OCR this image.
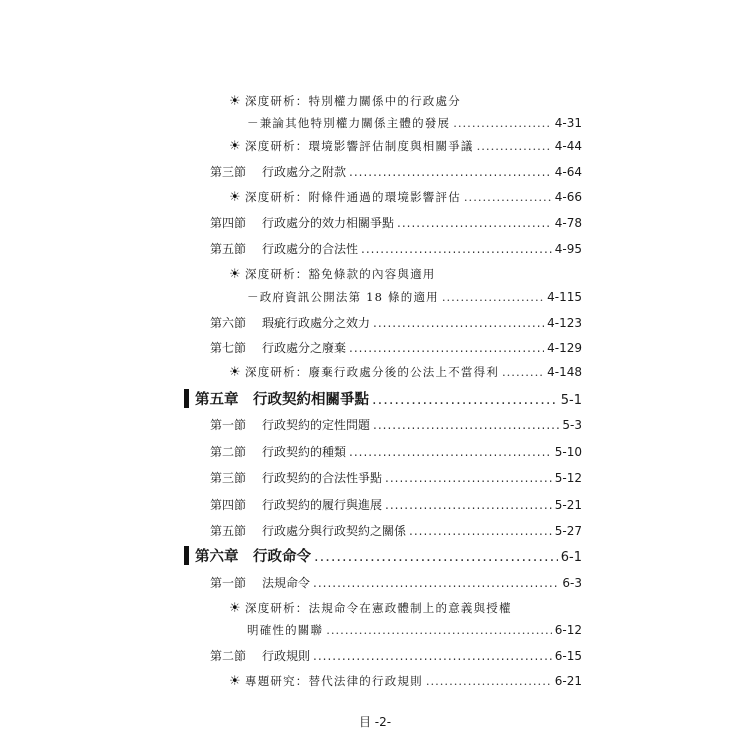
☀ 深度研析：特別權力關係中的行政處分
－兼論其他特別權力關係主體的發展 .....	4-31
☀ 深度研析：環境影響評估制度與相關爭議 .....	4-44
第三節	行政處分之附款 .....	4-64
☀ 深度研析：附條件通過的環境影響評估 .....	4-66
第四節	行政處分的效力相關爭點 .....	4-78
第五節	行政處分的合法性 .....	4-95
☀ 深度研析：豁免條款的內容與適用
－政府資訊公開法第 18 條的適用 .....	4-115
第六節	瑕疵行政處分之效力 .....	4-123
第七節	行政處分之廢棄 .....	4-129
☀ 深度研析：廢棄行政處分後的公法上不當得利 .....	4-148
第五章	行政契約相關爭點 .....	5-1
第一節	行政契約的定性問題 .....	5-3
第二節	行政契約的種類 .....	5-10
第三節	行政契約的合法性爭點 .....	5-12
第四節	行政契約的履行與進展 .....	5-21
第五節	行政處分與行政契約之關係 .....	5-27
第六章	行政命令 .....	6-1
第一節	法規命令 .....	6-3
☀ 深度研析：法規命令在憲政體制上的意義與授權
明確性的關聯 .....	6-12
第二節	行政規則 .....	6-15
☀ 專題研究：替代法律的行政規則 .....	6-21
目 -2-
